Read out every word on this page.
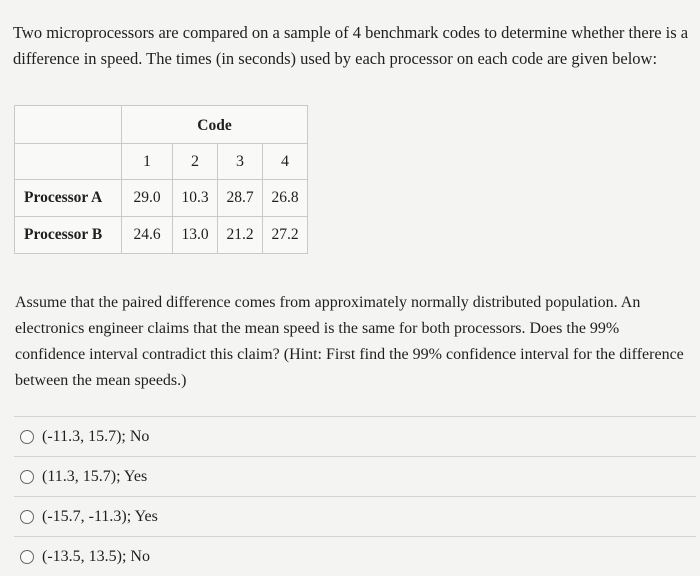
Two microprocessors are compared on a sample of 4 benchmark codes to determine whether there is a difference in speed. The times (in seconds) used by each processor on each code are given below:
	Code			
	1	2	3	4
Processor A	29.0	10.3	28.7	26.8
Processor B	24.6	13.0	21.2	27.2
Assume that the paired difference comes from approximately normally distributed population. An electronics engineer claims that the mean speed is the same for both processors. Does the 99% confidence interval contradict this claim? (Hint: First find the 99% confidence interval for the difference between the mean speeds.)
(-11.3, 15.7); No
(11.3, 15.7); Yes
(-15.7, -11.3); Yes
(-13.5, 13.5); No
